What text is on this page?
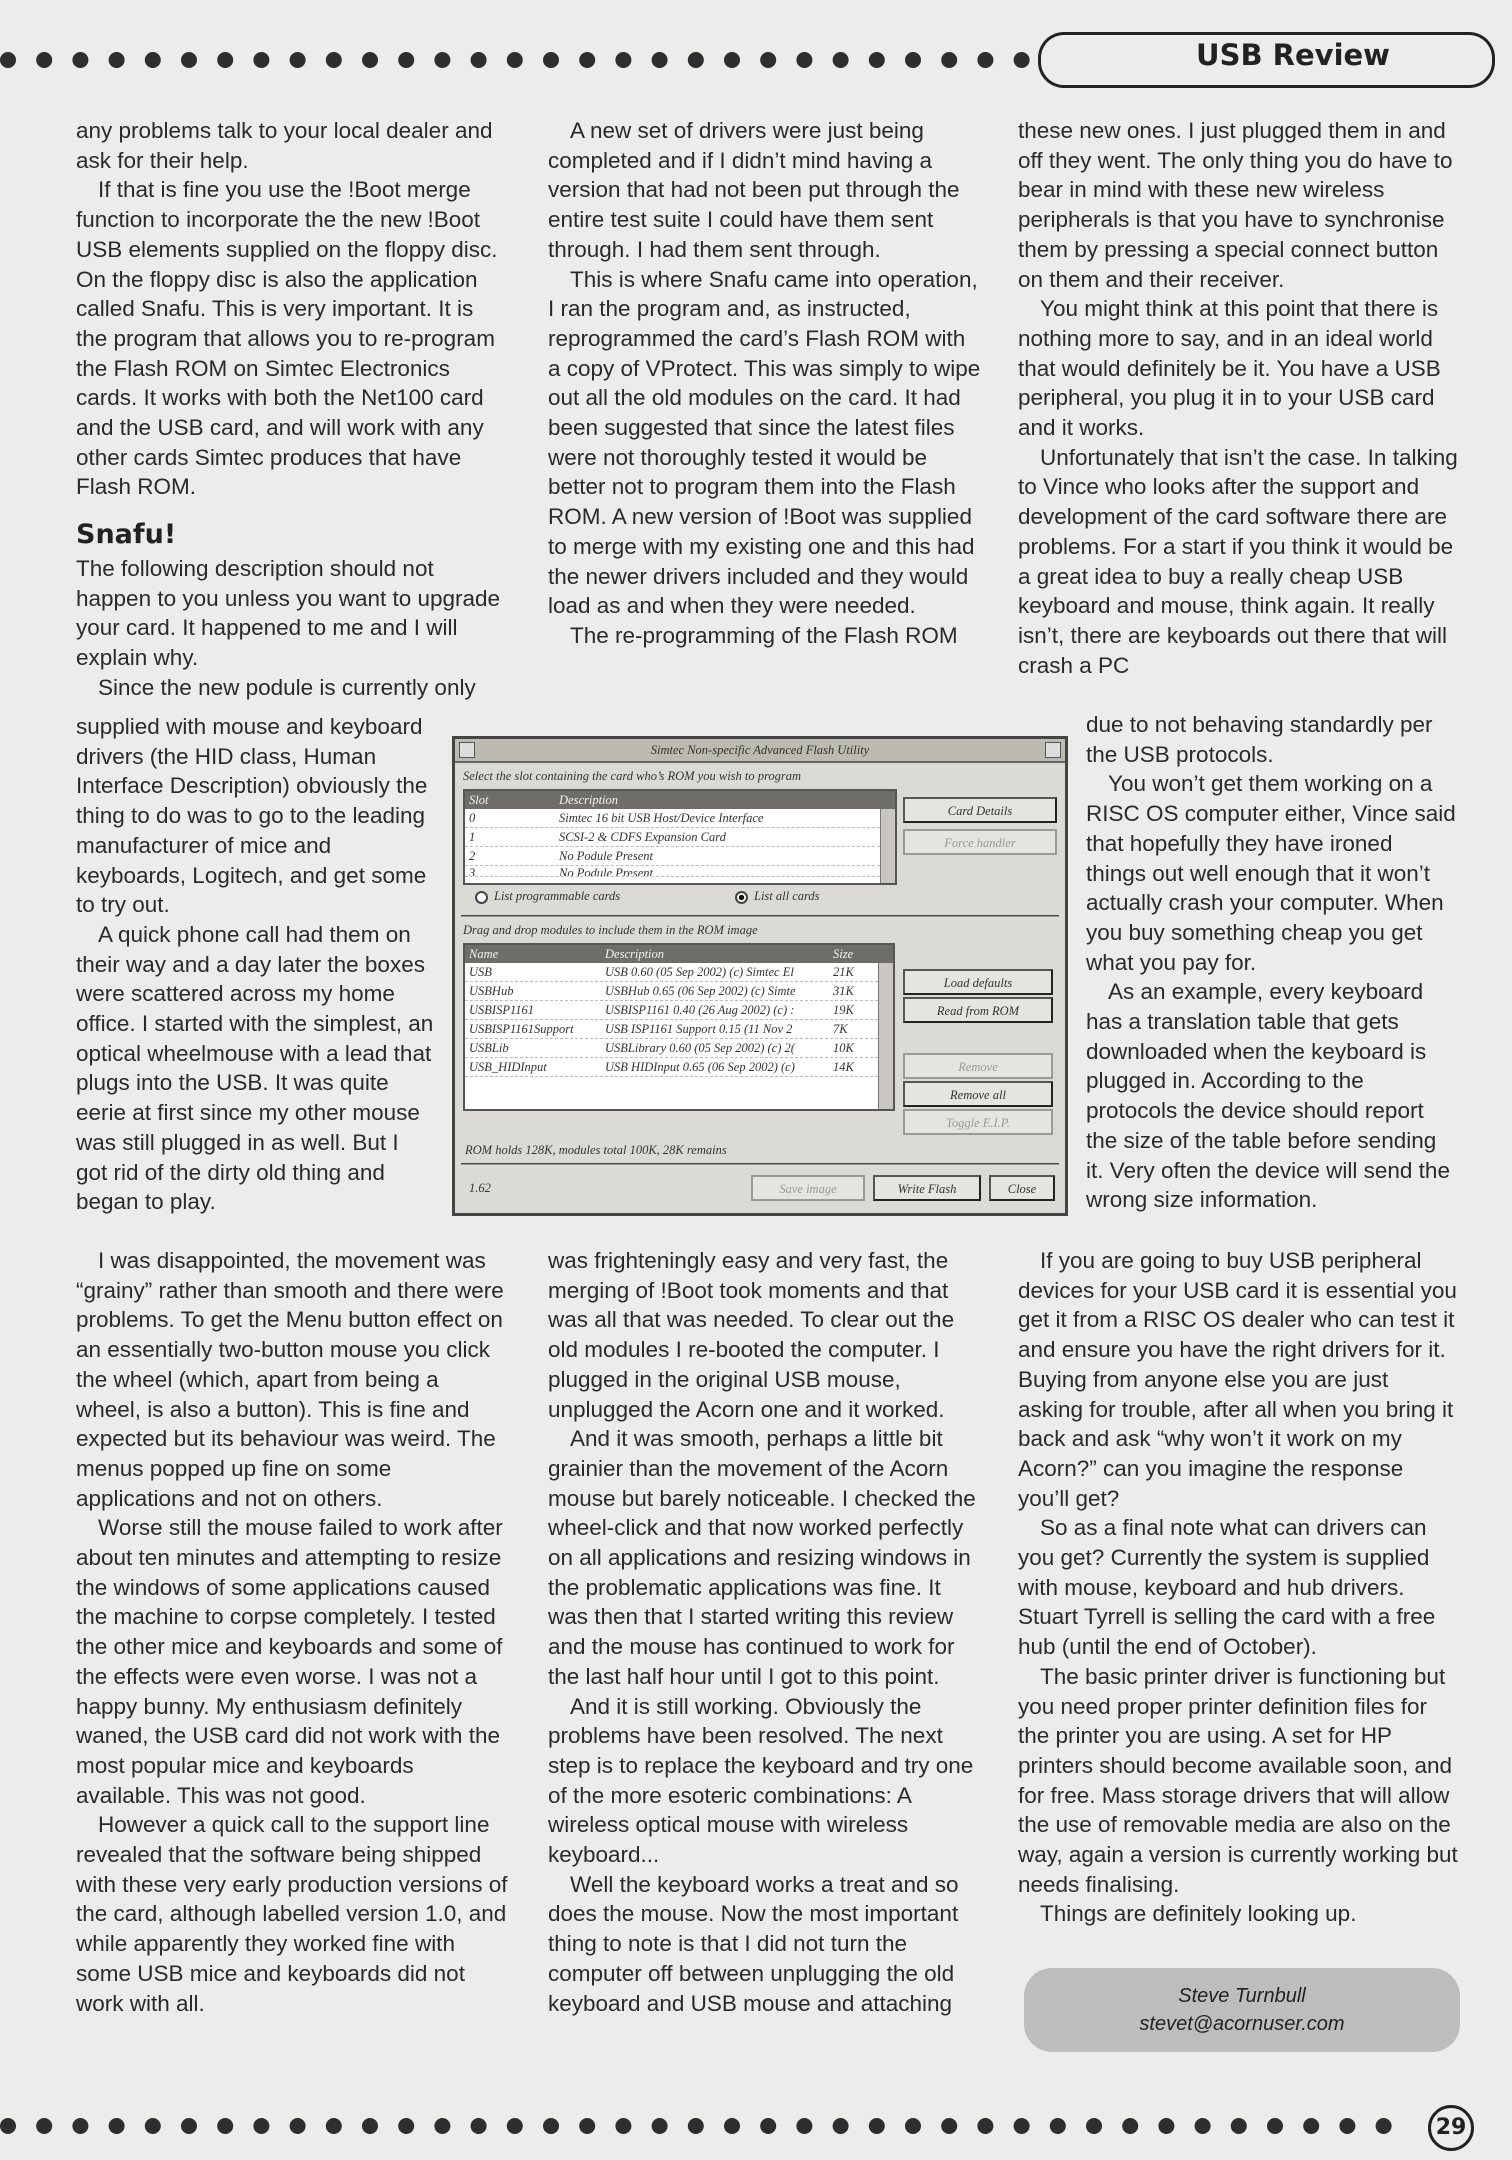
USB Review

any problems talk to your local dealer and ask for their help.

If that is fine you use the !Boot merge function to incorporate the the new !Boot USB elements supplied on the floppy disc. On the floppy disc is also the application called Snafu. This is very important. It is the program that allows you to re-program the Flash ROM on Simtec Electronics cards. It works with both the Net100 card and the USB card, and will work with any other cards Simtec produces that have Flash ROM.

Snafu!

The following description should not happen to you unless you want to upgrade your card. It happened to me and I will explain why.

Since the new podule is currently only

supplied with mouse and keyboard drivers (the HID class, Human Interface Description) obviously the thing to do was to go to the leading manufacturer of mice and keyboards, Logitech, and get some to try out.

A quick phone call had them on their way and a day later the boxes were scattered across my home office. I started with the simplest, an optical wheelmouse with a lead that plugs into the USB. It was quite eerie at first since my other mouse was still plugged in as well. But I got rid of the dirty old thing and began to play.

I was disappointed, the movement was “grainy” rather than smooth and there were problems. To get the Menu button effect on an essentially two-button mouse you click the wheel (which, apart from being a wheel, is also a button). This is fine and expected but its behaviour was weird. The menus popped up fine on some applications and not on others.

Worse still the mouse failed to work after about ten minutes and attempting to resize the windows of some applications caused the machine to corpse completely. I tested the other mice and keyboards and some of the effects were even worse. I was not a happy bunny. My enthusiasm definitely waned, the USB card did not work with the most popular mice and keyboards available. This was not good.

However a quick call to the support line revealed that the software being shipped with these very early production versions of the card, although labelled version 1.0, and while apparently they worked fine with some USB mice and keyboards did not work with all.

A new set of drivers were just being completed and if I didn’t mind having a version that had not been put through the entire test suite I could have them sent through. I had them sent through.

This is where Snafu came into operation, I ran the program and, as instructed, reprogrammed the card’s Flash ROM with a copy of VProtect. This was simply to wipe out all the old modules on the card. It had been suggested that since the latest files were not thoroughly tested it would be better not to program them into the Flash ROM. A new version of !Boot was supplied to merge with my existing one and this had the newer drivers included and they would load as and when they were needed.

The re-programming of the Flash ROM

was frighteningly easy and very fast, the merging of !Boot took moments and that was all that was needed. To clear out the old modules I re-booted the computer. I plugged in the original USB mouse, unplugged the Acorn one and it worked.

And it was smooth, perhaps a little bit grainier than the movement of the Acorn mouse but barely noticeable. I checked the wheel-click and that now worked perfectly on all applications and resizing windows in the problematic applications was fine. It was then that I started writing this review and the mouse has continued to work for the last half hour until I got to this point.

And it is still working. Obviously the problems have been resolved. The next step is to replace the keyboard and try one of the more esoteric combinations: A wireless optical mouse with wireless keyboard...

Well the keyboard works a treat and so does the mouse. Now the most important thing to note is that I did not turn the computer off between unplugging the old keyboard and USB mouse and attaching

these new ones. I just plugged them in and off they went. The only thing you do have to bear in mind with these new wireless peripherals is that you have to synchronise them by pressing a special connect button on them and their receiver.

You might think at this point that there is nothing more to say, and in an ideal world that would definitely be it. You have a USB peripheral, you plug it in to your USB card and it works.

Unfortunately that isn’t the case. In talking to Vince who looks after the support and development of the card software there are problems. For a start if you think it would be a great idea to buy a really cheap USB keyboard and mouse, think again. It really isn’t, there are keyboards out there that will crash a PC

due to not behaving standardly per the USB protocols.

You won’t get them working on a RISC OS computer either, Vince said that hopefully they have ironed things out well enough that it won’t actually crash your computer. When you buy something cheap you get what you pay for.

As an example, every keyboard has a translation table that gets downloaded when the keyboard is plugged in. According to the protocols the device should report the size of the table before sending it. Very often the device will send the wrong size information.

If you are going to buy USB peripheral devices for your USB card it is essential you get it from a RISC OS dealer who can test it and ensure you have the right drivers for it. Buying from anyone else you are just asking for trouble, after all when you bring it back and ask “why won’t it work on my Acorn?” can you imagine the response you’ll get?

So as a final note what can drivers can you get? Currently the system is supplied with mouse, keyboard and hub drivers. Stuart Tyrrell is selling the card with a free hub (until the end of October).

The basic printer driver is functioning but you need proper printer definition files for the printer you are using. A set for HP printers should become available soon, and for free. Mass storage drivers that will allow the use of removable media are also on the way, again a version is currently working but needs finalising.

Things are definitely looking up.

Simtec Non-specific Advanced Flash Utility
Select the slot containing the card who’s ROM you wish to program
Slot	Description
0	Simtec 16 bit USB Host/Device Interface
1	SCSI-2 & CDFS Expansion Card
2	No Podule Present
3	No Podule Present
Card Details
Force handler
List programmable cards	List all cards
Drag and drop modules to include them in the ROM image
Name	Description	Size
USB	USB 0.60 (05 Sep 2002) (c) Simtec El	21K
USBHub	USBHub 0.65 (06 Sep 2002) (c) Simte	31K
USBISP1161	USBISP1161 0.40 (26 Aug 2002) (c) :	19K
USBISP1161Support	USB ISP1161 Support 0.15 (11 Nov 2	7K
USBLib	USBLibrary 0.60 (05 Sep 2002) (c) 2(	10K
USB_HIDInput	USB HIDInput 0.65 (06 Sep 2002) (c)	14K
Load defaults
Read from ROM
Remove
Remove all
Toggle E.I.P.
ROM holds 128K, modules total 100K, 28K remains
1.62	Save image	Write Flash	Close
Steve Turnbull
stevet@acornuser.com
29
